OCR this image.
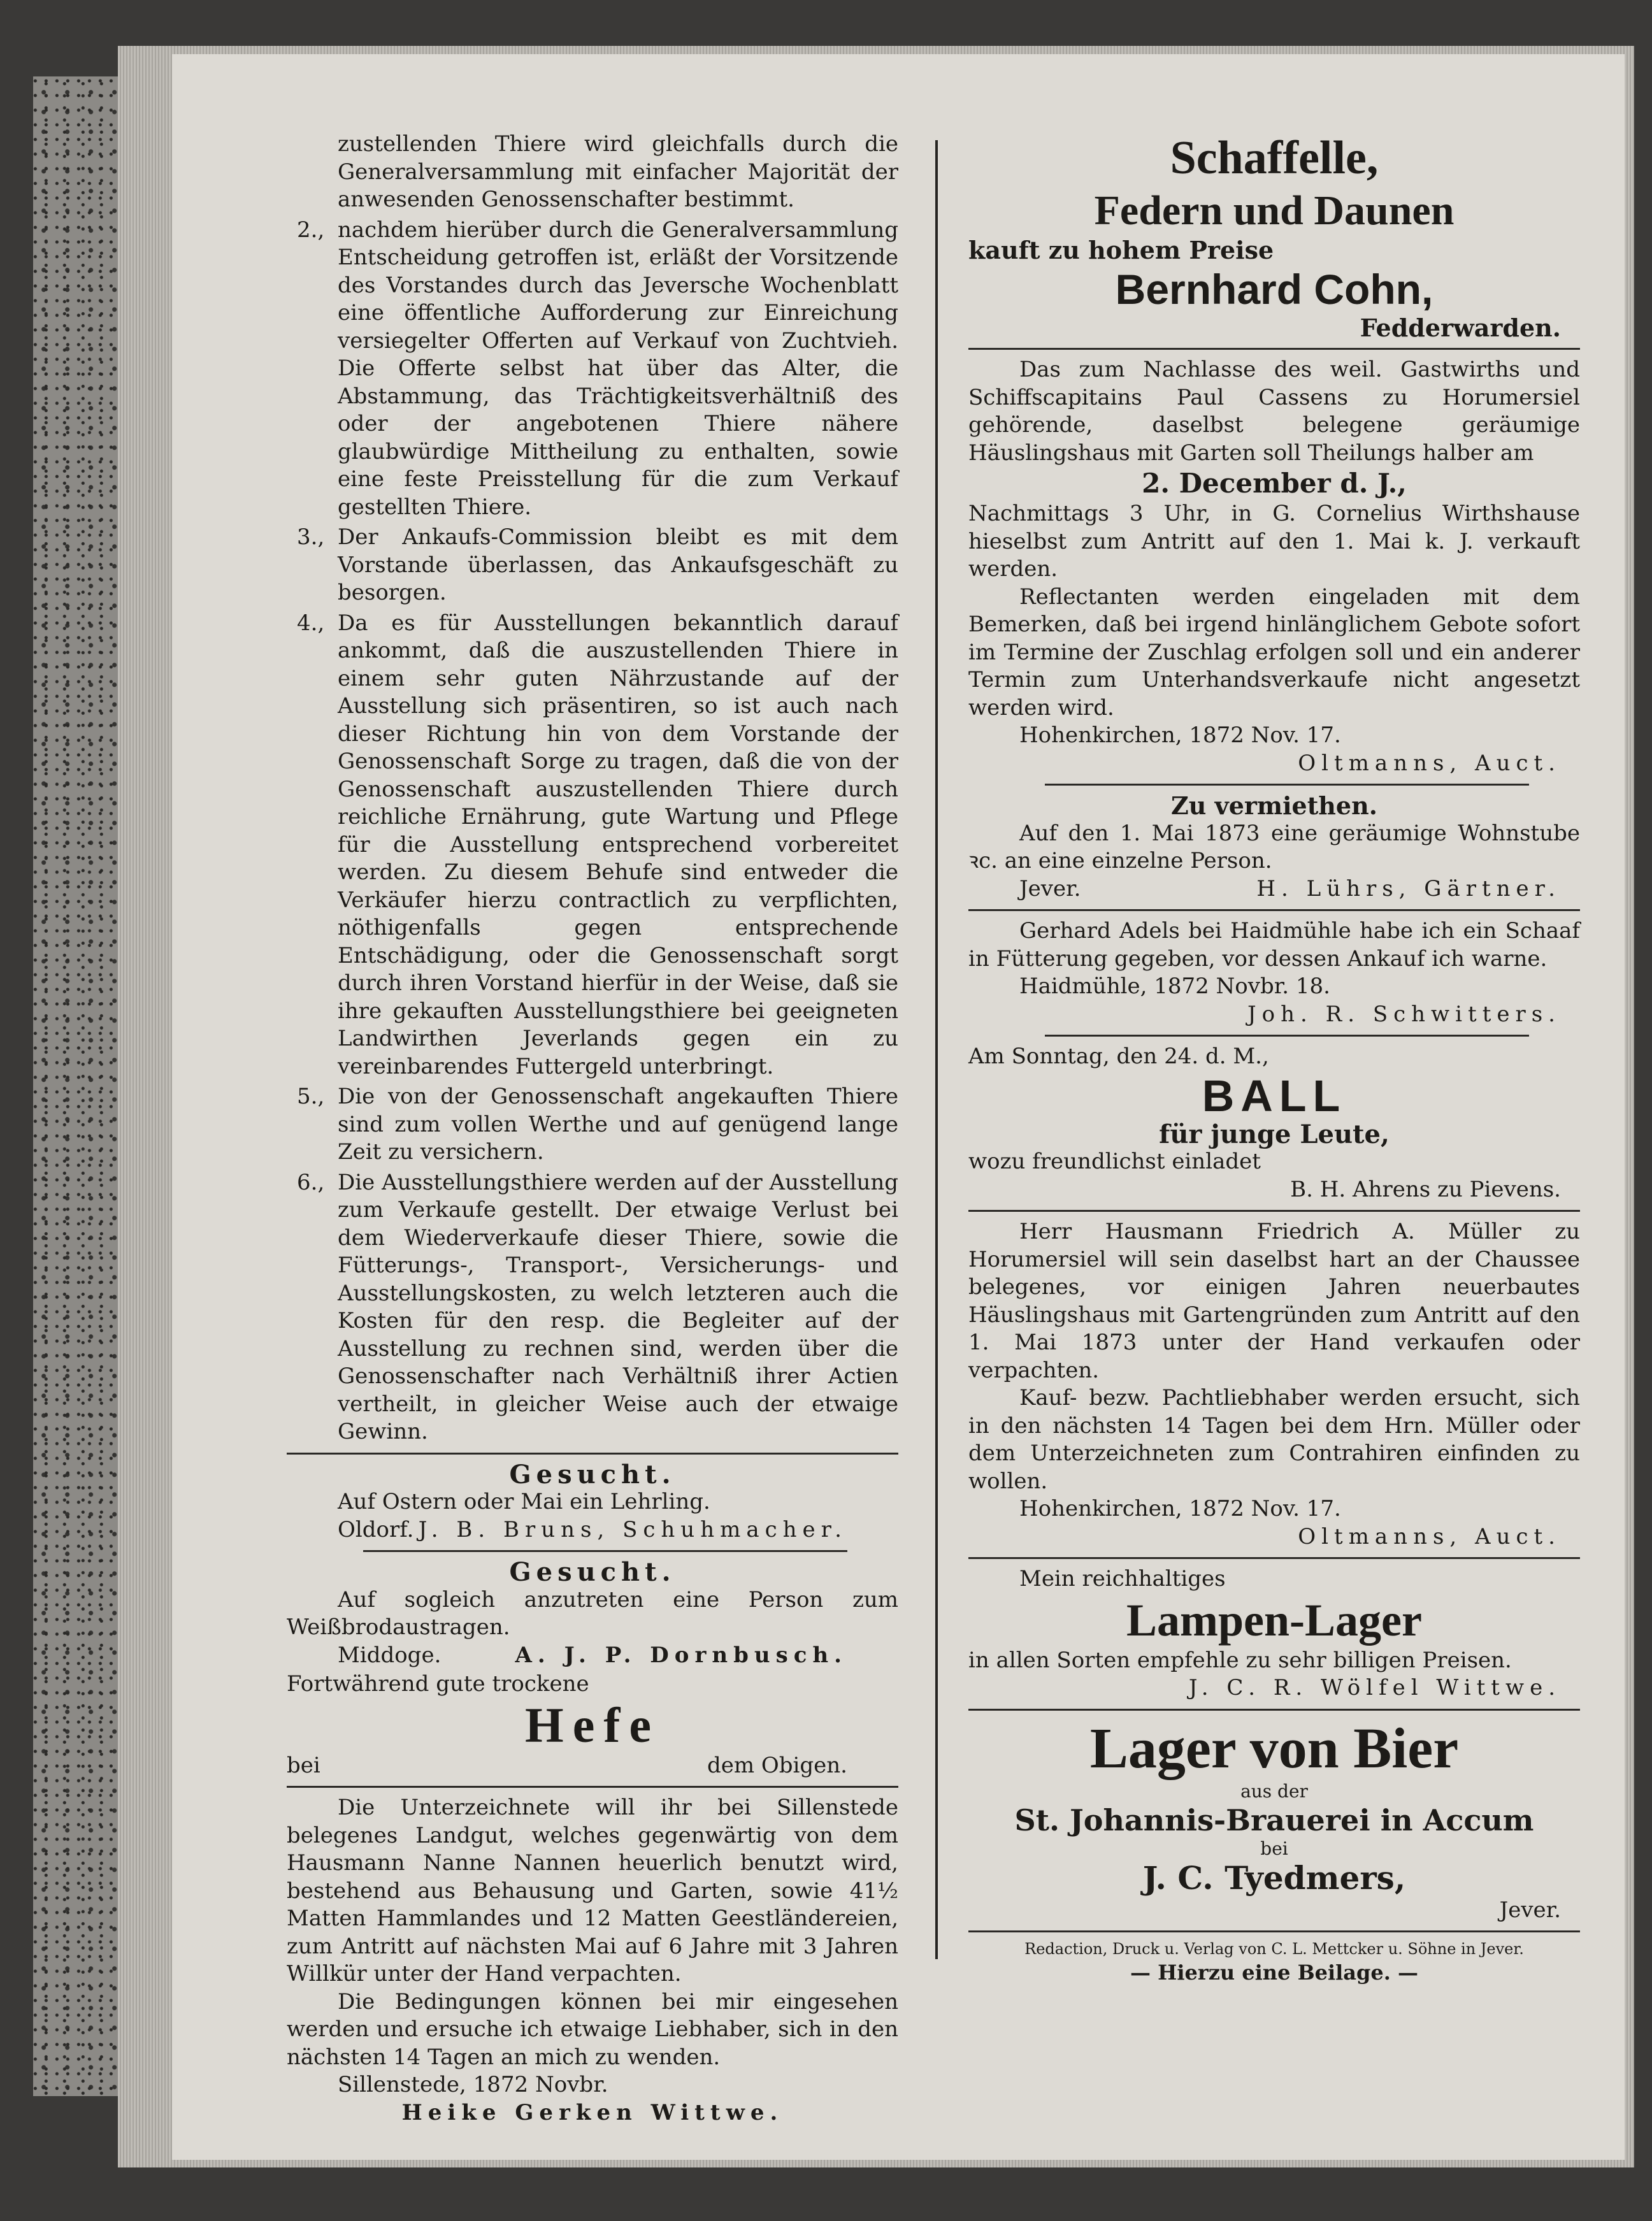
zustellenden Thiere wird gleichfalls durch die Generalversammlung mit einfacher Majorität der anwesenden Genossenschafter bestimmt.

2., nachdem hierüber durch die Generalversammlung Entscheidung getroffen ist, erläßt der Vorsitzende des Vorstandes durch das Jeversche Wochenblatt eine öffentliche Aufforderung zur Einreichung versiegelter Offerten auf Verkauf von Zuchtvieh. Die Offerte selbst hat über das Alter, die Abstammung, das Trächtigkeitsverhältniß des oder der angebotenen Thiere nähere glaubwürdige Mittheilung zu enthalten, sowie eine feste Preisstellung für die zum Verkauf gestellten Thiere.

3., Der Ankaufs-Commission bleibt es mit dem Vorstande überlassen, das Ankaufsgeschäft zu besorgen.

4., Da es für Ausstellungen bekanntlich darauf ankommt, daß die auszustellenden Thiere in einem sehr guten Nährzustande auf der Ausstellung sich präsentiren, so ist auch nach dieser Richtung hin von dem Vorstande der Genossenschaft Sorge zu tragen, daß die von der Genossenschaft auszustellenden Thiere durch reichliche Ernährung, gute Wartung und Pflege für die Ausstellung entsprechend vorbereitet werden. Zu diesem Behufe sind entweder die Verkäufer hierzu contractlich zu verpflichten, nöthigenfalls gegen entsprechende Entschädigung, oder die Genossenschaft sorgt durch ihren Vorstand hierfür in der Weise, daß sie ihre gekauften Ausstellungsthiere bei geeigneten Landwirthen Jeverlands gegen ein zu vereinbarendes Futtergeld unterbringt.

5., Die von der Genossenschaft angekauften Thiere sind zum vollen Werthe und auf genügend lange Zeit zu versichern.

6., Die Ausstellungsthiere werden auf der Ausstellung zum Verkaufe gestellt. Der etwaige Verlust bei dem Wiederverkaufe dieser Thiere, sowie die Fütterungs-, Transport-, Versicherungs- und Ausstellungskosten, zu welch letzteren auch die Kosten für den resp. die Begleiter auf der Ausstellung zu rechnen sind, werden über die Genossenschafter nach Verhältniß ihrer Actien vertheilt, in gleicher Weise auch der etwaige Gewinn.

Gesucht.

Auf Ostern oder Mai ein Lehrling.

Oldorf. J. B. Bruns, Schuhmacher.
Gesucht.

Auf sogleich anzutreten eine Person zum Weißbrodaustragen.

Middoge.	A. J. P. Dornbusch.

Fortwährend gute trockene

Hefe
bei	dem Obigen.

Die Unterzeichnete will ihr bei Sillenstede belegenes Landgut, welches gegenwärtig von dem Hausmann Nanne Nannen heuerlich benutzt wird, bestehend aus Behausung und Garten, sowie 41½ Matten Hammlandes und 12 Matten Geestländereien, zum Antritt auf nächsten Mai auf 6 Jahre mit 3 Jahren Willkür unter der Hand verpachten.

Die Bedingungen können bei mir eingesehen werden und ersuche ich etwaige Liebhaber, sich in den nächsten 14 Tagen an mich zu wenden.

Sillenstede, 1872 Novbr.

Heike Gerken Wittwe.

Schaffelle,
Federn und Daunen

kauft zu hohem Preise

Bernhard Cohn,
Fedderwarden.

Das zum Nachlasse des weil. Gastwirths und Schiffscapitains Paul Cassens zu Horumersiel gehörende, daselbst belegene geräumige Häuslingshaus mit Garten soll Theilungs halber am

2. December d. J.,

Nachmittags 3 Uhr, in G. Cornelius Wirthshause hieselbst zum Antritt auf den 1. Mai k. J. verkauft werden.

Reflectanten werden eingeladen mit dem Bemerken, daß bei irgend hinlänglichem Gebote sofort im Termine der Zuschlag erfolgen soll und ein anderer Termin zum Unterhandsverkaufe nicht angesetzt werden wird.

Hohenkirchen, 1872 Nov. 17.

Oltmanns, Auct.

Zu vermiethen.

Auf den 1. Mai 1873 eine geräumige Wohnstube ꝛc. an eine einzelne Person.

Jever.	H. Lührs, Gärtner.

Gerhard Adels bei Haidmühle habe ich ein Schaaf in Fütterung gegeben, vor dessen Ankauf ich warne.

Haidmühle, 1872 Novbr. 18.

Joh. R. Schwitters.

Am Sonntag, den 24. d. M.,

BALL

für junge Leute,

wozu freundlichst einladet

B. H. Ahrens zu Pievens.

Herr Hausmann Friedrich A. Müller zu Horumersiel will sein daselbst hart an der Chaussee belegenes, vor einigen Jahren neuerbautes Häuslingshaus mit Gartengründen zum Antritt auf den 1. Mai 1873 unter der Hand verkaufen oder verpachten.

Kauf- bezw. Pachtliebhaber werden ersucht, sich in den nächsten 14 Tagen bei dem Hrn. Müller oder dem Unterzeichneten zum Contrahiren einfinden zu wollen.

Hohenkirchen, 1872 Nov. 17.

Oltmanns, Auct.

Mein reichhaltiges

Lampen-Lager

in allen Sorten empfehle zu sehr billigen Preisen.

J. C. R. Wölfel Wittwe.

Lager von Bier

aus der

St. Johannis-Brauerei in Accum

bei

J. C. Tyedmers,

Jever.

Redaction, Druck u. Verlag von C. L. Mettcker u. Söhne in Jever.

— Hierzu eine Beilage. —
